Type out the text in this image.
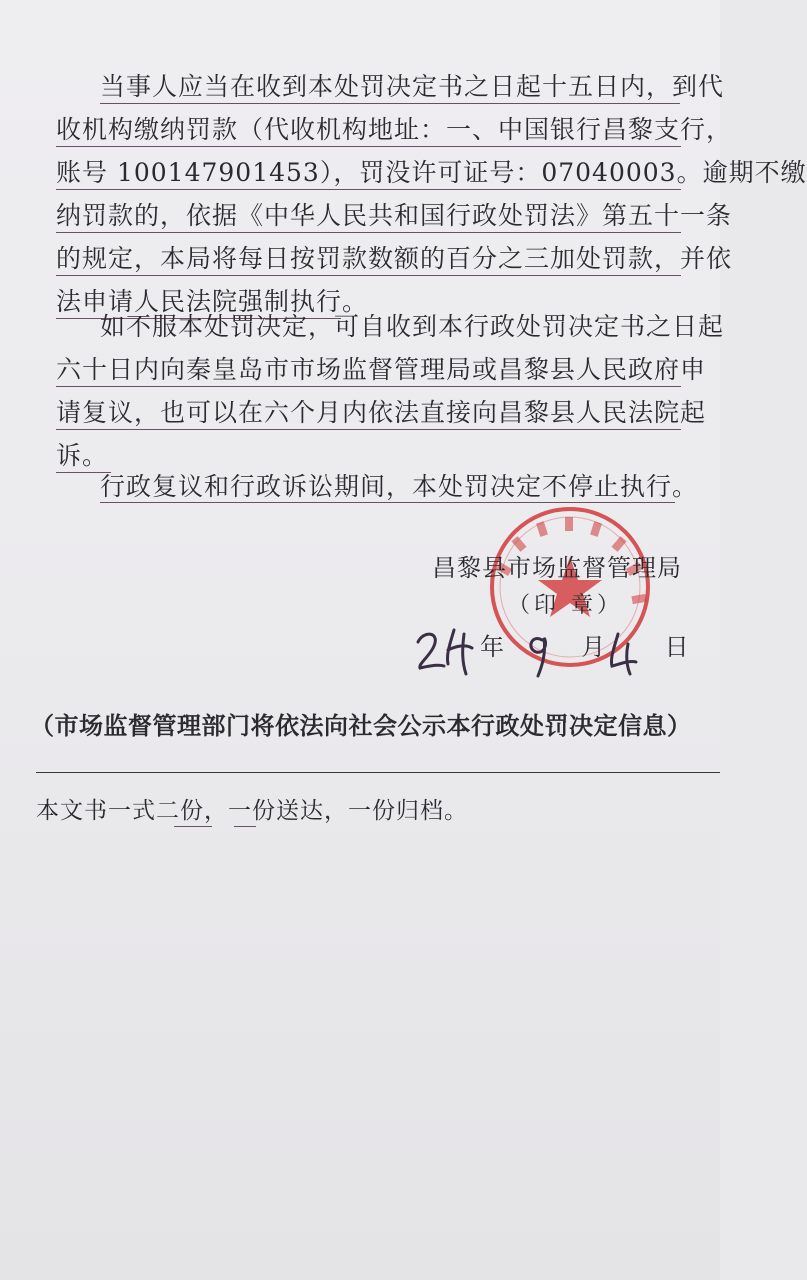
当事人应当在收到本处罚决定书之日起十五日内，到代
收机构缴纳罚款（代收机构地址：一、中国银行昌黎支行，
账号 100147901453），罚没许可证号：07040003。逾期不缴
纳罚款的，依据《中华人民共和国行政处罚法》第五十一条
的规定，本局将每日按罚款数额的百分之三加处罚款，并依
法申请人民法院强制执行。
如不服本处罚决定，可自收到本行政处罚决定书之日起
六十日内向秦皇岛市市场监督管理局或昌黎县人民政府申
请复议，也可以在六个月内依法直接向昌黎县人民法院起
诉。
行政复议和行政诉讼期间，本处罚决定不停止执行。
昌黎县市场监督管理局
（印 章）
年	月 日
（市场监督管理部门将依法向社会公示本行政处罚决定信息）
本文书一式二份，一份送达，一份归档。
